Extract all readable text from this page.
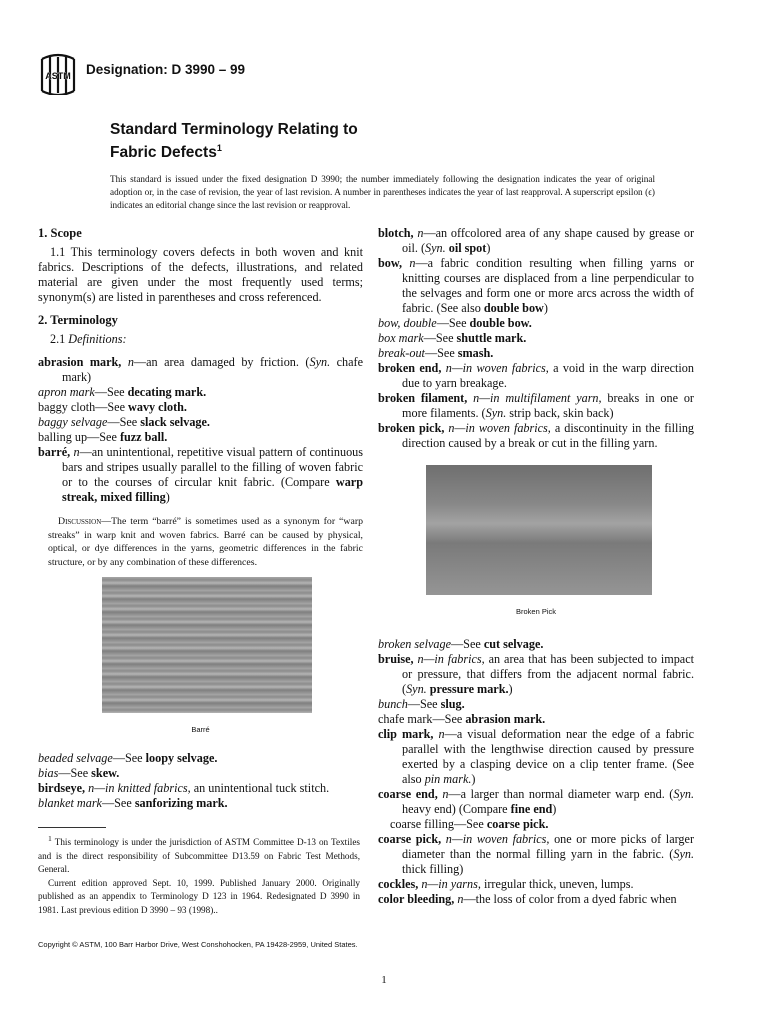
ASTM Designation: D 3990 – 99
Standard Terminology Relating to
Fabric Defects$^1$
This standard is issued under the fixed designation D 3990; the number immediately following the designation indicates the year of original adoption or, in the case of revision, the year of last revision. A number in parentheses indicates the year of last reapproval. A superscript epsilon (ϵ) indicates an editorial change since the last revision or reapproval.
1. Scope

1.1 This terminology covers defects in both woven and knit fabrics. Descriptions of the defects, illustrations, and related material are given under the most frequently used terms; synonym(s) are listed in parentheses and cross referenced.

2. Terminology

2.1 Definitions:

abrasion mark, n—an area damaged by friction. (Syn. chafe mark)

apron mark—See decating mark.

baggy cloth—See wavy cloth.

baggy selvage—See slack selvage.

balling up—See fuzz ball.

barré, n—an unintentional, repetitive visual pattern of continuous bars and stripes usually parallel to the filling of woven fabric or to the courses of circular knit fabric. (Compare warp streak, mixed filling)

Discussion—The term “barré” is sometimes used as a synonym for “warp streaks” in warp knit and woven fabrics. Barré can be caused by physical, optical, or dye differences in the yarns, geometric differences in the fabric structure, or by any combination of these differences.

Barré

beaded selvage—See loopy selvage.

bias—See skew.

birdseye, n—in knitted fabrics, an unintentional tuck stitch.

blanket mark—See sanforizing mark.

blotch, n—an offcolored area of any shape caused by grease or oil. (Syn. oil spot)

bow, n—a fabric condition resulting when filling yarns or knitting courses are displaced from a line perpendicular to the selvages and form one or more arcs across the width of fabric. (See also double bow)

bow, double—See double bow.

box mark—See shuttle mark.

break-out—See smash.

broken end, n—in woven fabrics, a void in the warp direction due to yarn breakage.

broken filament, n—in multifilament yarn, breaks in one or more filaments. (Syn. strip back, skin back)

broken pick, n—in woven fabrics, a discontinuity in the filling direction caused by a break or cut in the filling yarn.

Broken Pick

broken selvage—See cut selvage.

bruise, n—in fabrics, an area that has been subjected to impact or pressure, that differs from the adjacent normal fabric. (Syn. pressure mark.)

bunch—See slug.

chafe mark—See abrasion mark.

clip mark, n—a visual deformation near the edge of a fabric parallel with the lengthwise direction caused by pressure exerted by a clasping device on a clip tenter frame. (See also pin mark.)

coarse end, n—a larger than normal diameter warp end. (Syn. heavy end) (Compare fine end)

coarse filling—See coarse pick.

coarse pick, n—in woven fabrics, one or more picks of larger diameter than the normal filling yarn in the fabric. (Syn. thick filling)

cockles, n—in yarns, irregular thick, uneven, lumps.

color bleeding, n—the loss of color from a dyed fabric when

$^1$ This terminology is under the jurisdiction of ASTM Committee D-13 on Textiles and is the direct responsibility of Subcommittee D13.59 on Fabric Test Methods, General.

Current edition approved Sept. 10, 1999. Published January 2000. Originally published as an appendix to Terminology D 123 in 1964. Redesignated D 3990 in 1981. Last previous edition D 3990 – 93 (1998)..

Copyright © ASTM, 100 Barr Harbor Drive, West Conshohocken, PA 19428-2959, United States.
1
